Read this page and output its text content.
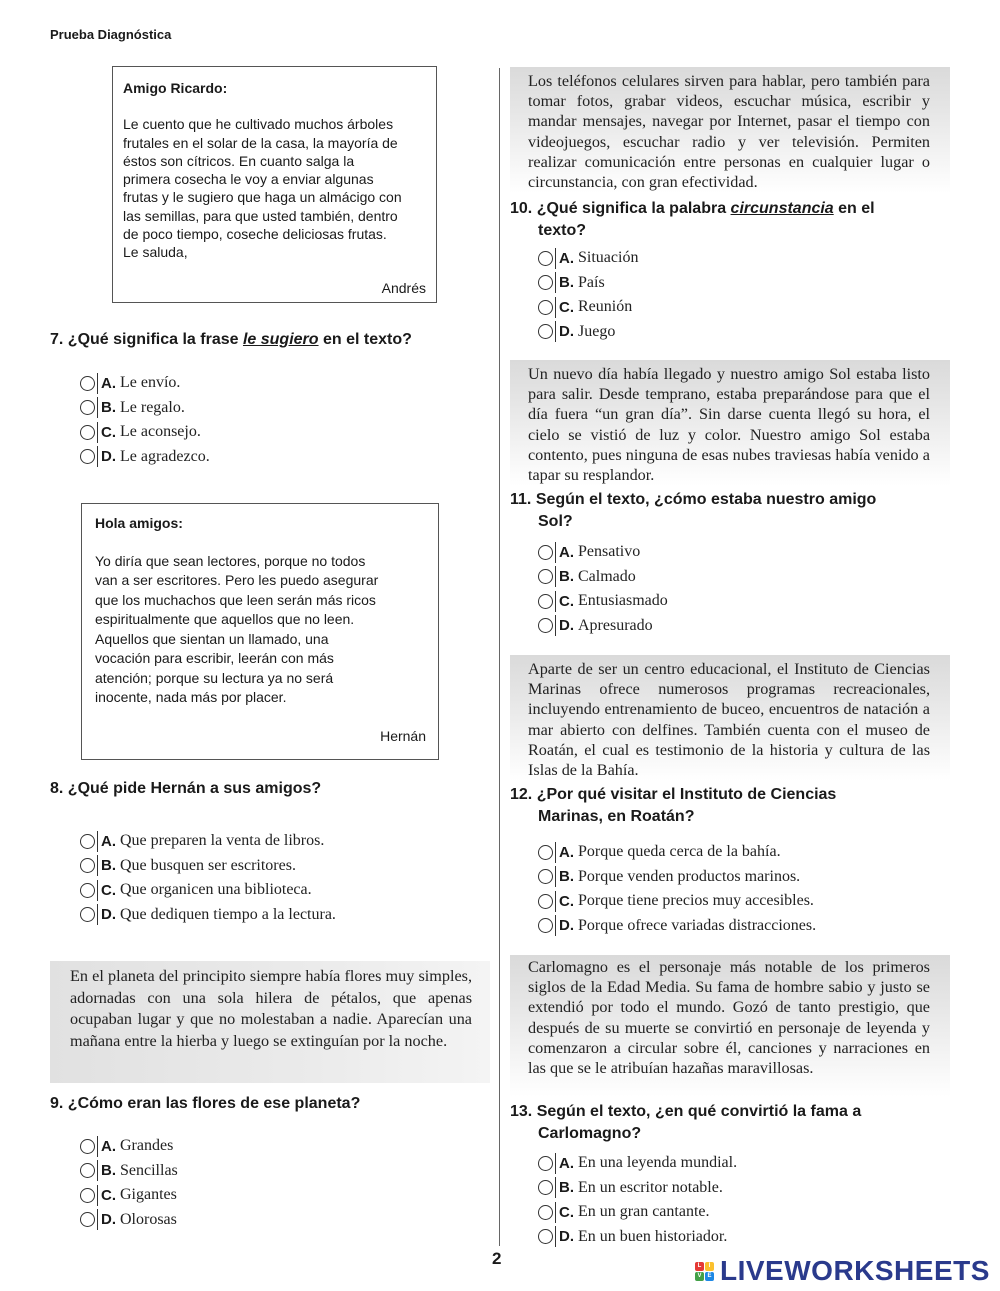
Prueba Diagnóstica
Amigo Ricardo:
Le cuento que he cultivado muchos árboles
frutales en el solar de la casa, la mayoría de
éstos son cítricos. En cuanto salga la
primera cosecha le voy a enviar algunas
frutas y le sugiero que haga un almácigo con
las semillas, para que usted también, dentro
de poco tiempo, coseche deliciosas frutas.
Le saluda,
Andrés
7. ¿Qué significa la frase le sugiero en el texto?
A. Le envío.
B. Le regalo.
C. Le aconsejo.
D. Le agradezco.
Hola amigos:
Yo diría que sean lectores, porque no todos
van a ser escritores. Pero les puedo asegurar
que los muchachos que leen serán más ricos
espiritualmente que aquellos que no leen.
Aquellos que sientan un llamado, una
vocación para escribir, leerán con más
atención; porque su lectura ya no será
inocente, nada más por placer.
Hernán
8. ¿Qué pide Hernán a sus amigos?
A. Que preparen la venta de libros.
B. Que busquen ser escritores.
C. Que organicen una biblioteca.
D. Que dediquen tiempo a la lectura.
En el planeta del principito siempre había flores muy simples, adornadas con una sola hilera de pétalos, que apenas ocupaban lugar y que no molestaban a nadie. Aparecían una mañana entre la hierba y luego se extinguían por la noche.
9. ¿Cómo eran las flores de ese planeta?
A. Grandes
B. Sencillas
C. Gigantes
D. Olorosas
Los teléfonos celulares sirven para hablar, pero también para tomar fotos, grabar videos, escuchar música, escribir y mandar mensajes, navegar por Internet, pasar el tiempo con videojuegos, escuchar radio y ver televisión. Permiten realizar comunicación entre personas en cualquier lugar o circunstancia, con gran efectividad.
10. ¿Qué significa la palabra circunstancia en el
texto?
A. Situación
B. País
C. Reunión
D. Juego
Un nuevo día había llegado y nuestro amigo Sol estaba listo para salir. Desde temprano, estaba preparándose para que el día fuera “un gran día”. Sin darse cuenta llegó su hora, el cielo se vistió de luz y color. Nuestro amigo Sol estaba contento, pues ninguna de esas nubes traviesas había venido a tapar su resplandor.
11. Según el texto, ¿cómo estaba nuestro amigo
Sol?
A. Pensativo
B. Calmado
C. Entusiasmado
D. Apresurado
Aparte de ser un centro educacional, el Instituto de Ciencias Marinas ofrece numerosos programas recreacionales, incluyendo entrenamiento de buceo, encuentros de natación a mar abierto con delfines. También cuenta con el museo de Roatán, el cual es testimonio de la historia y cultura de las Islas de la Bahía.
12. ¿Por qué visitar el Instituto de Ciencias
Marinas, en Roatán?
A. Porque queda cerca de la bahía.
B. Porque venden productos marinos.
C. Porque tiene precios muy accesibles.
D. Porque ofrece variadas distracciones.
Carlomagno es el personaje más notable de los primeros siglos de la Edad Media. Su fama de hombre sabio y justo se extendió por todo el mundo. Gozó de tanto prestigio, que después de su muerte se convirtió en personaje de leyenda y comenzaron a circular sobre él, canciones y narraciones en las que se le atribuían hazañas maravillosas.
13. Según el texto, ¿en qué convirtió la fama a
Carlomagno?
A. En una leyenda mundial.
B. En un escritor notable.
C. En un gran cantante.
D. En un buen historiador.
2	L	I
V E LIVEWORKSHEETS
